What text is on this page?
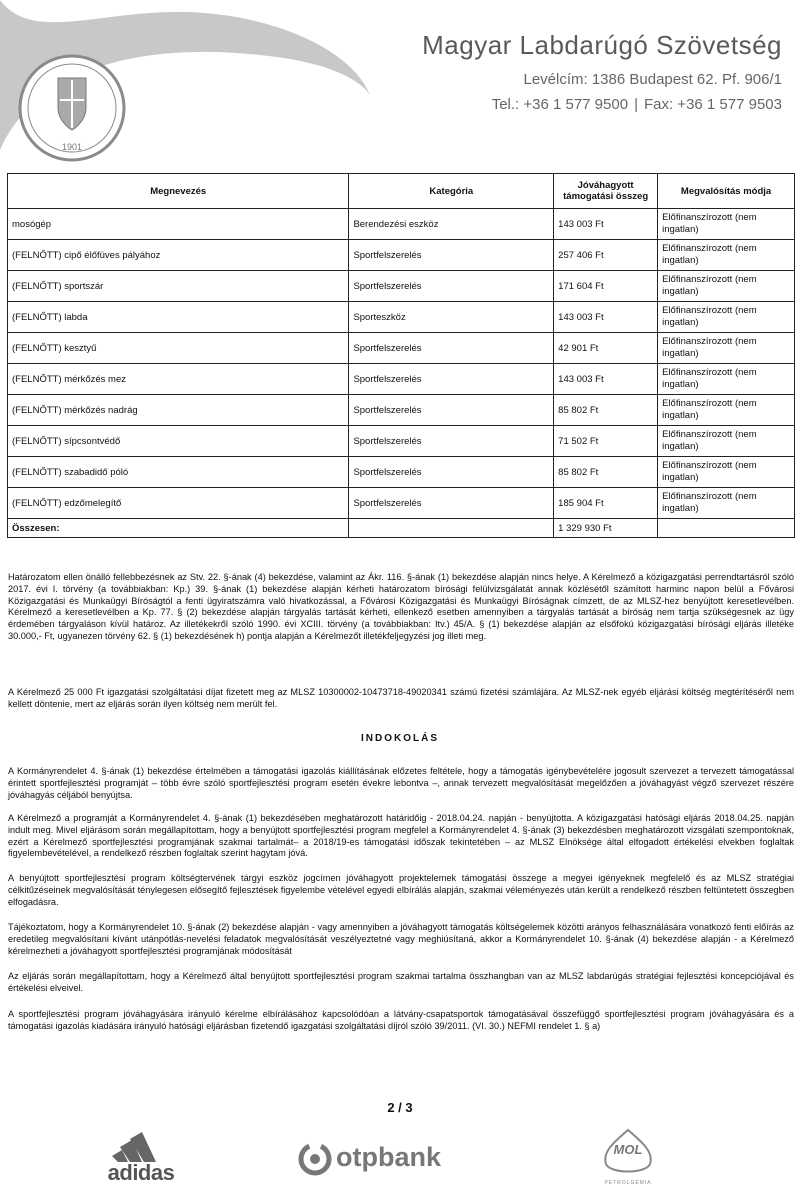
1901
Magyar Labdarúgó Szövetség
Levélcím: 1386 Budapest 62. Pf. 906/1
Tel.: +36 1 577 9500 | Fax: +36 1 577 9503
Megnevezés	Kategória	Jóváhagyott támogatási összeg	Megvalósítás módja
mosógép	Berendezési eszköz	143 003 Ft	Előfinanszírozott (nem ingatlan)
(FELNŐTT) cipő élőfüves pályához	Sportfelszerelés	257 406 Ft	Előfinanszírozott (nem ingatlan)
(FELNŐTT) sportszár	Sportfelszerelés	171 604 Ft	Előfinanszírozott (nem ingatlan)
(FELNŐTT) labda	Sporteszköz	143 003 Ft	Előfinanszírozott (nem ingatlan)
(FELNŐTT) kesztyű	Sportfelszerelés	42 901 Ft	Előfinanszírozott (nem ingatlan)
(FELNŐTT) mérkőzés mez	Sportfelszerelés	143 003 Ft	Előfinanszírozott (nem ingatlan)
(FELNŐTT) mérkőzés nadrág	Sportfelszerelés	85 802 Ft	Előfinanszírozott (nem ingatlan)
(FELNŐTT) sípcsontvédő	Sportfelszerelés	71 502 Ft	Előfinanszírozott (nem ingatlan)
(FELNŐTT) szabadidő póló	Sportfelszerelés	85 802 Ft	Előfinanszírozott (nem ingatlan)
(FELNŐTT) edzőmelegítő	Sportfelszerelés	185 904 Ft	Előfinanszírozott (nem ingatlan)
Összesen:		1 329 930 Ft	

Határozatom ellen önálló fellebbezésnek az Stv. 22. §-ának (4) bekezdése, valamint az Ákr. 116. §-ának (1) bekezdése alapján nincs helye. A Kérelmező a közigazgatási perrendtartásról szóló 2017. évi I. törvény (a továbbiakban: Kp.) 39. §-ának (1) bekezdése alapján kérheti határozatom bírósági felülvizsgálatát annak közlésétől számított harminc napon belül a Fővárosi Közigazgatási és Munkaügyi Bíróságtól a fenti ügyiratszámra való hivatkozással, a Fővárosi Közigazgatási és Munkaügyi Bíróságnak címzett, de az MLSZ-hez benyújtott keresetlevélben. Kérelmező a keresetlevélben a Kp. 77. § (2) bekezdése alapján tárgyalás tartását kérheti, ellenkező esetben amennyiben a tárgyalás tartását a bíróság nem tartja szükségesnek az ügy érdemében tárgyaláson kívül határoz. Az illetékekről szóló 1990. évi XCIII. törvény (a továbbiakban: Itv.) 45/A. § (1) bekezdése alapján az elsőfokú közigazgatási bírósági eljárás illetéke 30.000,- Ft, ugyanezen törvény 62. § (1) bekezdésének h) pontja alapján a Kérelmezőt illetékfeljegyzési jog illeti meg.

A Kérelmező 25 000 Ft igazgatási szolgáltatási díjat fizetett meg az MLSZ 10300002-10473718-49020341 számú fizetési számlájára. Az MLSZ-nek egyéb eljárási költség megtérítéséről nem kellett döntenie, mert az eljárás során ilyen költség nem merült fel.

INDOKOLÁS

A Kormányrendelet 4. §-ának (1) bekezdése értelmében a támogatási igazolás kiállításának előzetes feltétele, hogy a támogatás igénybevételére jogosult szervezet a tervezett támogatással érintett sportfejlesztési programját – több évre szóló sportfejlesztési program esetén évekre lebontva –, annak tervezett megvalósítását megelőzően a jóváhagyást végző szervezet részére jóváhagyás céljából benyújtsa.

A Kérelmező a programját a Kormányrendelet 4. §-ának (1) bekezdésében meghatározott határidőig - 2018.04.24. napján - benyújtotta. A közigazgatási hatósági eljárás 2018.04.25. napján indult meg. Mivel eljárásom során megállapítottam, hogy a benyújtott sportfejlesztési program megfelel a Kormányrendelet 4. §-ának (3) bekezdésben meghatározott vizsgálati szempontoknak, ezért a Kérelmező sportfejlesztési programjának szakmai tartalmát– a 2018/19-es támogatási időszak tekintetében – az MLSZ Elnöksége által elfogadott értékelési elvekben foglaltak figyelembevételével, a rendelkező részben foglaltak szerint hagytam jóvá.

A benyújtott sportfejlesztési program költségtervének tárgyi eszköz jogcímen jóváhagyott projektelemek támogatási összege a megyei igényeknek megfelelő és az MLSZ stratégiai célkitűzéseinek megvalósítását ténylegesen elősegítő fejlesztések figyelembe vételével egyedi elbírálás alapján, szakmai véleményezés után került a rendelkező részben feltüntetett összegben elfogadásra.

Tájékoztatom, hogy a Kormányrendelet 10. §-ának (2) bekezdése alapján - vagy amennyiben a jóváhagyott támogatás költségelemek közötti arányos felhasználására vonatkozó fenti előírás az eredetileg megvalósítani kívánt utánpótlás-nevelési feladatok megvalósítását veszélyeztetné vagy meghiúsítaná, akkor a Kormányrendelet 10. §-ának (4) bekezdése alapján - a Kérelmező kérelmezheti a jóváhagyott sportfejlesztési programjának módosítását

Az eljárás során megállapítottam, hogy a Kérelmező által benyújtott sportfejlesztési program szakmai tartalma összhangban van az MLSZ labdarúgás stratégiai fejlesztési koncepciójával és értékelési elveivel.

A sportfejlesztési program jóváhagyására irányuló kérelme elbírálásához kapcsolódóan a látvány-csapatsportok támogatásával összefüggő sportfejlesztési program jóváhagyására és a támogatási igazolás kiadására irányuló hatósági eljárásban fizetendő igazgatási szolgáltatási díjról szóló 39/2011. (VI. 30.) NEFMI rendelet 1. § a)

2 / 3
adidas
otpbank	MOL
PETROLGÉMIA
